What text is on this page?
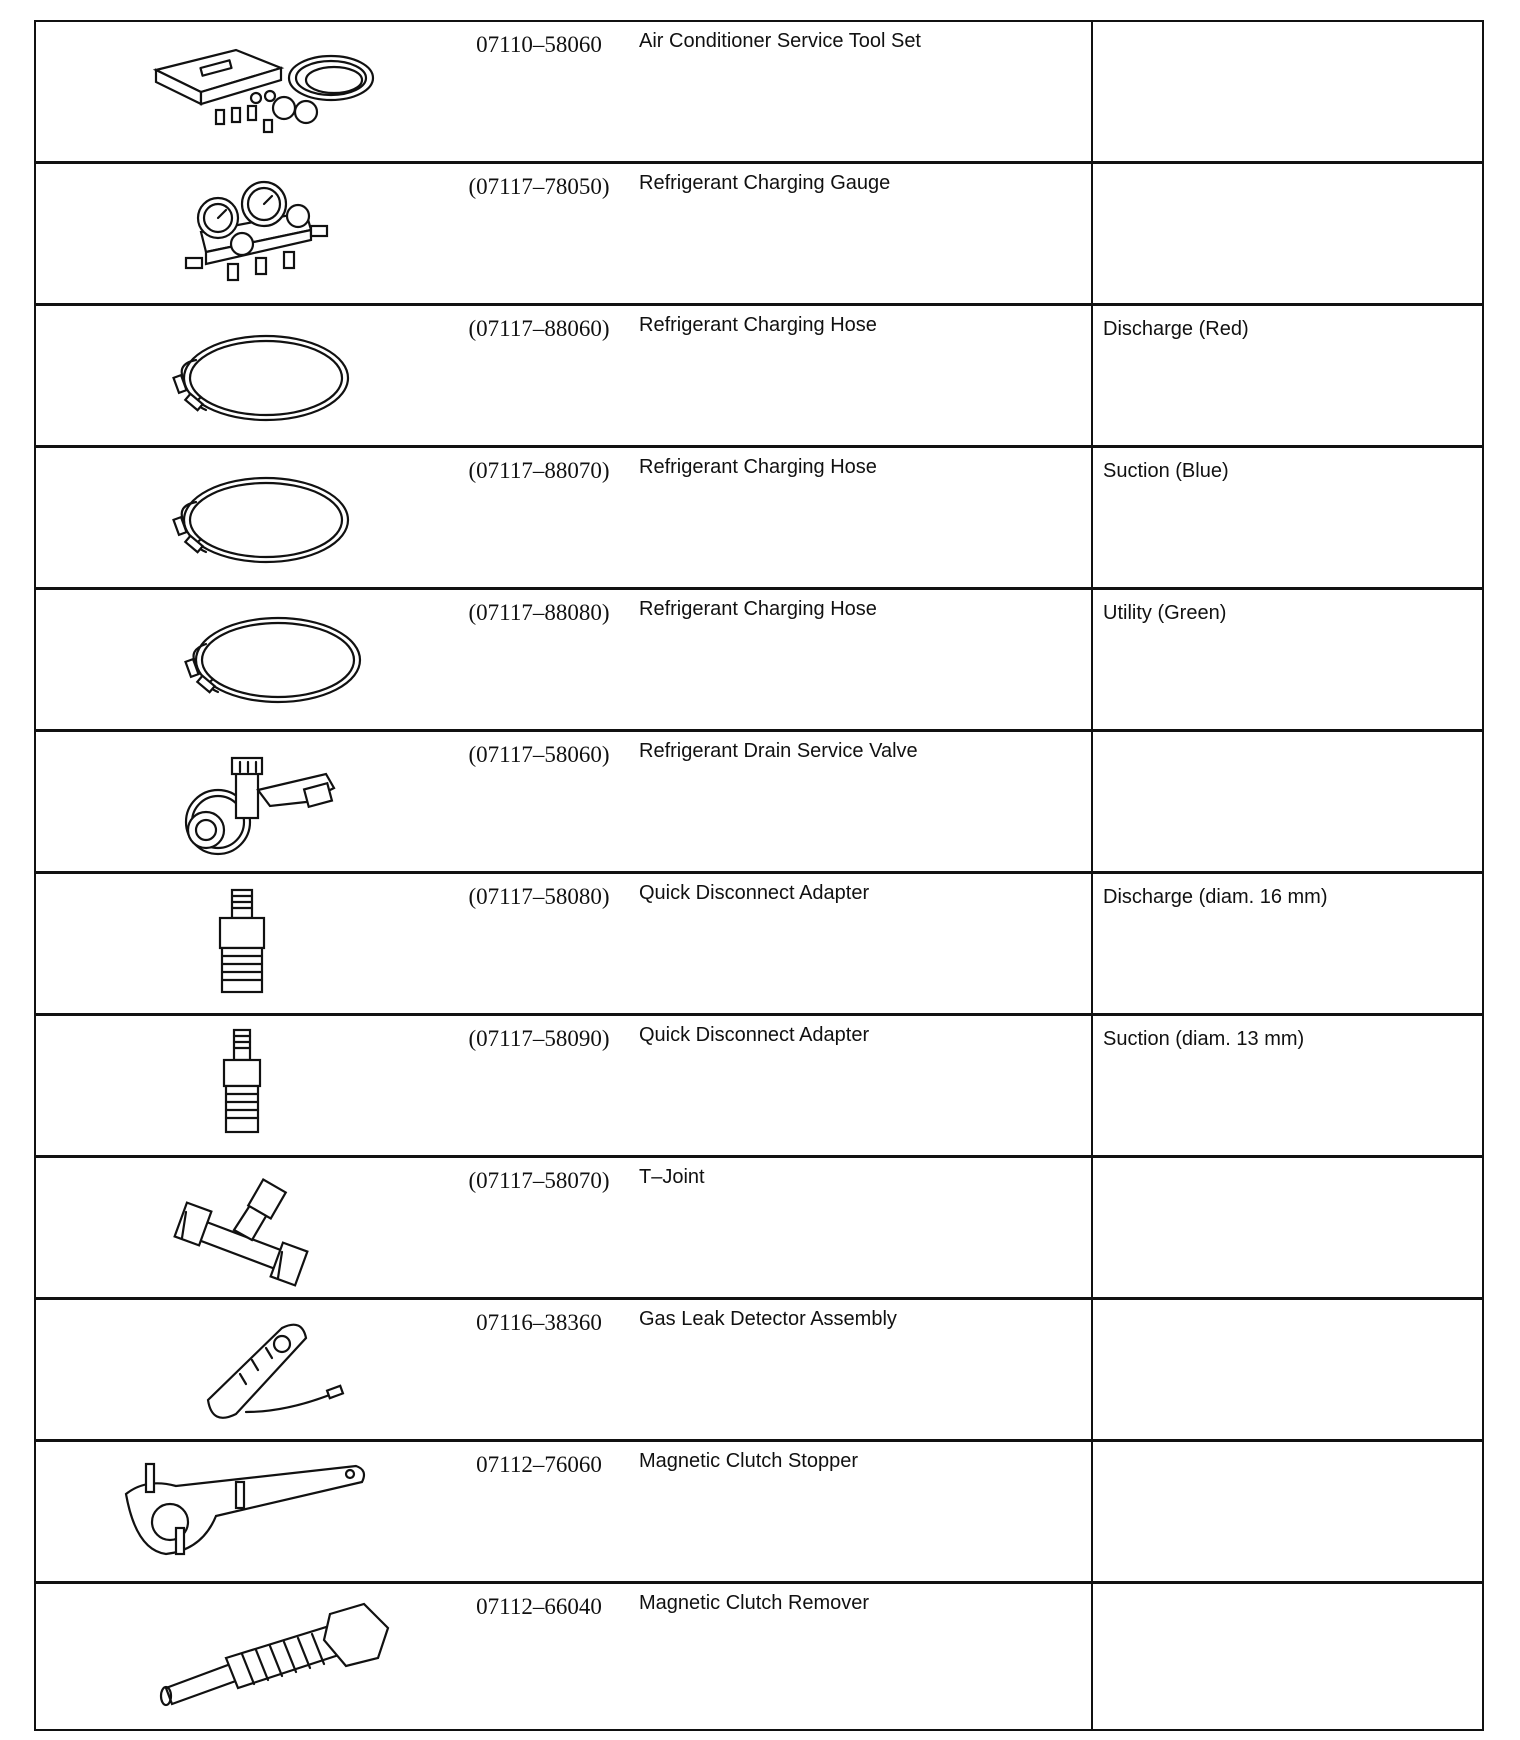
07110–58060	Air Conditioner Service Tool Set
(07117–78050)	Refrigerant Charging Gauge
(07117–88060)	Refrigerant Charging Hose	Discharge (Red)
(07117–88070)	Refrigerant Charging Hose	Suction (Blue)
(07117–88080)	Refrigerant Charging Hose	Utility (Green)
(07117–58060)	Refrigerant Drain Service Valve
(07117–58080)	Quick Disconnect Adapter	Discharge (diam. 16 mm)
(07117–58090)	Quick Disconnect Adapter	Suction (diam. 13 mm)
(07117–58070)	T–Joint
07116–38360	Gas Leak Detector Assembly
07112–76060	Magnetic Clutch Stopper
07112–66040	Magnetic Clutch Remover
